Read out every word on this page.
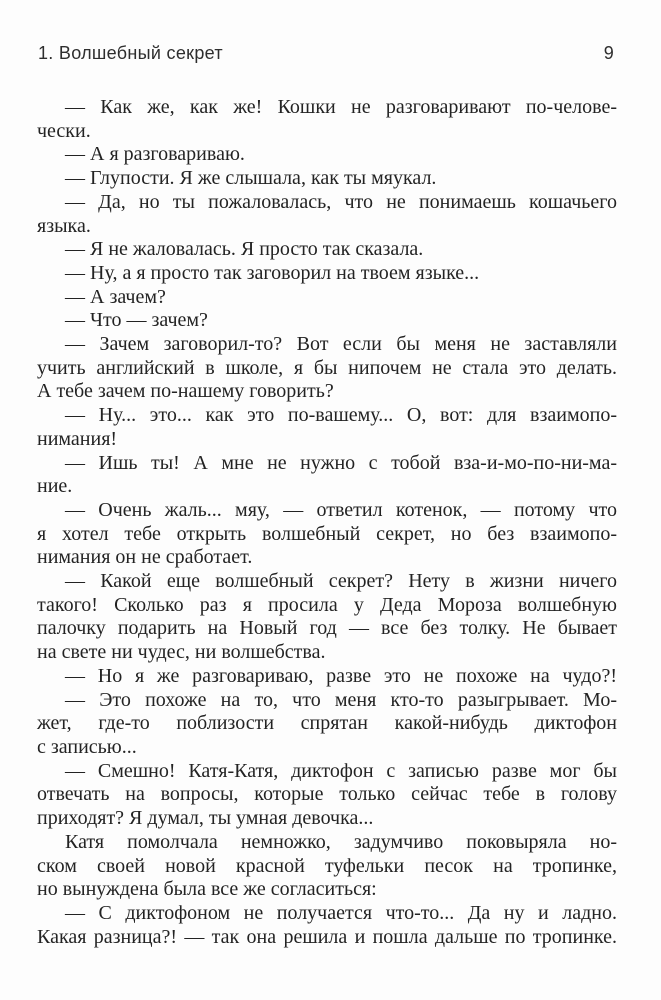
1. Волшебный секрет	9
— Как же, как же! Кошки не разговаривают по-челове-
чески.
— А я разговариваю.
— Глупости. Я же слышала, как ты мяукал.
— Да, но ты пожаловалась, что не понимаешь кошачьего
языка.
— Я не жаловалась. Я просто так сказала.
— Ну, а я просто так заговорил на твоем языке...
— А зачем?
— Что — зачем?
— Зачем заговорил-то? Вот если бы меня не заставляли
учить английский в школе, я бы нипочем не стала это делать.
А тебе зачем по-нашему говорить?
— Ну... это... как это по-вашему... О, вот: для взаимопо-
нимания!
— Ишь ты! А мне не нужно с тобой вза-и-мо-по-ни-ма-
ние.
— Очень жаль... мяу, — ответил котенок, — потому что
я хотел тебе открыть волшебный секрет, но без взаимопо-
нимания он не сработает.
— Какой еще волшебный секрет? Нету в жизни ничего
такого! Сколько раз я просила у Деда Мороза волшебную
палочку подарить на Новый год — все без толку. Не бывает
на свете ни чудес, ни волшебства.
— Но я же разговариваю, разве это не похоже на чудо?!
— Это похоже на то, что меня кто-то разыгрывает. Мо-
жет, где-то поблизости спрятан какой-нибудь диктофон
с записью...
— Смешно! Катя-Катя, диктофон с записью разве мог бы
отвечать на вопросы, которые только сейчас тебе в голову
приходят? Я думал, ты умная девочка...
Катя помолчала немножко, задумчиво поковыряла но-
ском своей новой красной туфельки песок на тропинке,
но вынуждена была все же согласиться:
— С диктофоном не получается что-то... Да ну и ладно.
Какая разница?! — так она решила и пошла дальше по тропинке.
